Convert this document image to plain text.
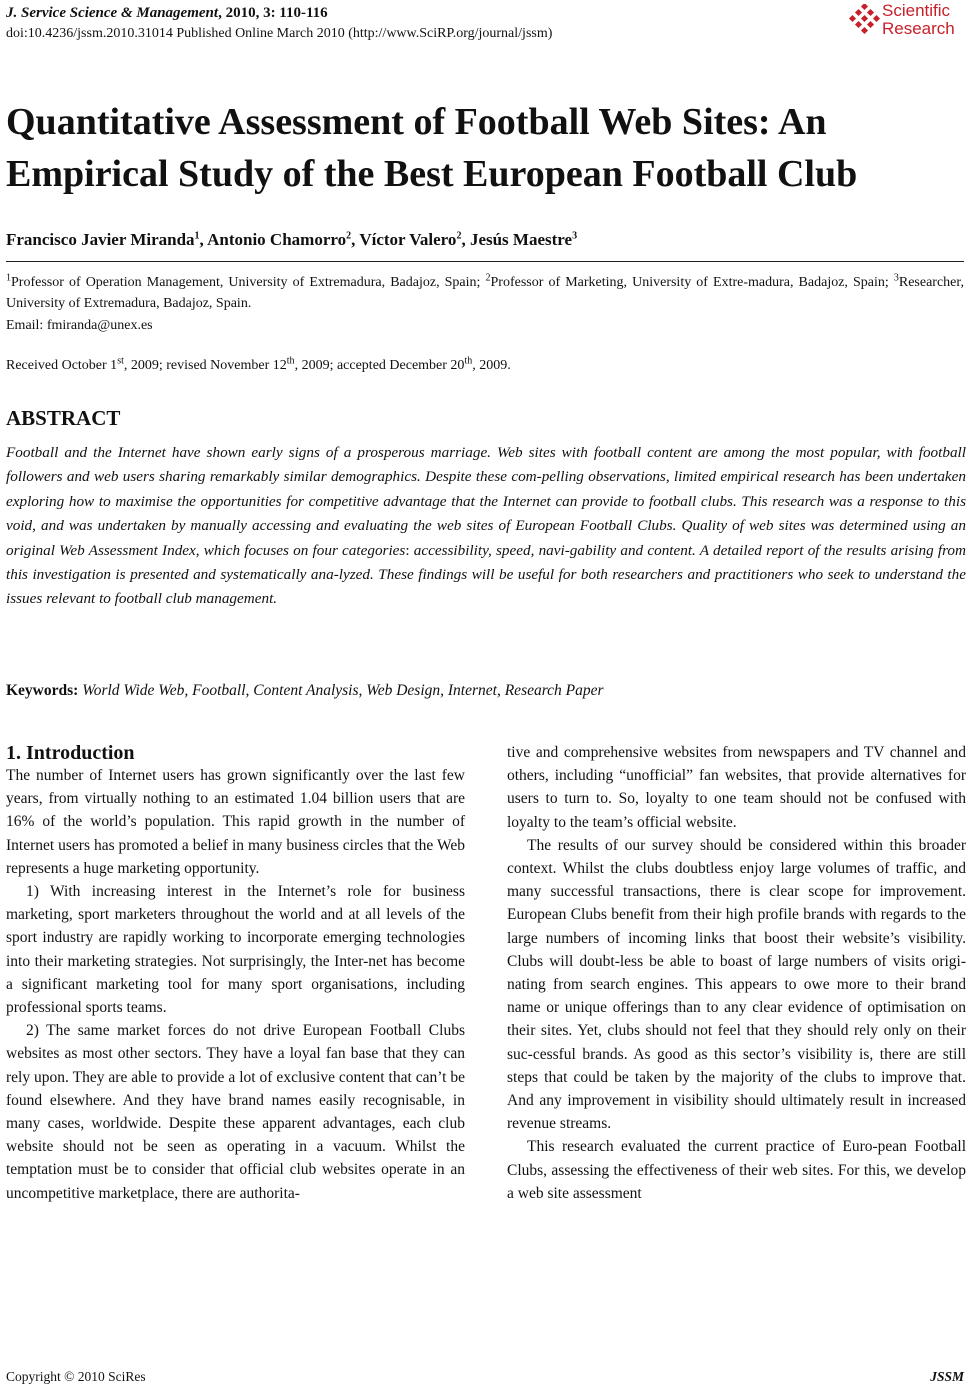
J. Service Science & Management, 2010, 3: 110-116
doi:10.4236/jssm.2010.31014 Published Online March 2010 (http://www.SciRP.org/journal/jssm)
Scientific
Research
Quantitative Assessment of Football Web Sites: An Empirical Study of the Best European Football Club
Francisco Javier Miranda$^1$, Antonio Chamorro$^2$, Víctor Valero$^2$, Jesús Maestre$^3$
$^1$Professor of Operation Management, University of Extremadura, Badajoz, Spain; $^2$Professor of Marketing, University of Extre-madura, Badajoz, Spain; $^3$Researcher, University of Extremadura, Badajoz, Spain.
Email: fmiranda@unex.es
Received October 1st, 2009; revised November 12th, 2009; accepted December 20th, 2009.
ABSTRACT
Football and the Internet have shown early signs of a prosperous marriage. Web sites with football content are among the most popular, with football followers and web users sharing remarkably similar demographics. Despite these com-pelling observations, limited empirical research has been undertaken exploring how to maximise the opportunities for competitive advantage that the Internet can provide to football clubs. This research was a response to this void, and was undertaken by manually accessing and evaluating the web sites of European Football Clubs. Quality of web sites was determined using an original Web Assessment Index, which focuses on four categories: accessibility, speed, navi-gability and content. A detailed report of the results arising from this investigation is presented and systematically ana-lyzed. These findings will be useful for both researchers and practitioners who seek to understand the issues relevant to football club management.
Keywords: World Wide Web, Football, Content Analysis, Web Design, Internet, Research Paper
1. Introduction

The number of Internet users has grown significantly over the last few years, from virtually nothing to an estimated 1.04 billion users that are 16% of the world’s population. This rapid growth in the number of Internet users has promoted a belief in many business circles that the Web represents a huge marketing opportunity.

1) With increasing interest in the Internet’s role for business marketing, sport marketers throughout the world and at all levels of the sport industry are rapidly working to incorporate emerging technologies into their marketing strategies. Not surprisingly, the Inter-net has become a significant marketing tool for many sport organisations, including professional sports teams.

2) The same market forces do not drive European Football Clubs websites as most other sectors. They have a loyal fan base that they can rely upon. They are able to provide a lot of exclusive content that can’t be found elsewhere. And they have brand names easily recognisable, in many cases, worldwide. Despite these apparent advantages, each club website should not be seen as operating in a vacuum. Whilst the temptation must be to consider that official club websites operate in an uncompetitive marketplace, there are authorita-

tive and comprehensive websites from newspapers and TV channel and others, including “unofficial” fan websites, that provide alternatives for users to turn to. So, loyalty to one team should not be confused with loyalty to the team’s official website.

The results of our survey should be considered within this broader context. Whilst the clubs doubtless enjoy large volumes of traffic, and many successful transactions, there is clear scope for improvement. European Clubs benefit from their high profile brands with regards to the large numbers of incoming links that boost their website’s visibility. Clubs will doubt-less be able to boast of large numbers of visits origi-nating from search engines. This appears to owe more to their brand name or unique offerings than to any clear evidence of optimisation on their sites. Yet, clubs should not feel that they should rely only on their suc-cessful brands. As good as this sector’s visibility is, there are still steps that could be taken by the majority of the clubs to improve that. And any improvement in visibility should ultimately result in increased revenue streams.

This research evaluated the current practice of Euro-pean Football Clubs, assessing the effectiveness of their web sites. For this, we develop a web site assessment

Copyright © 2010 SciRes	JSSM
